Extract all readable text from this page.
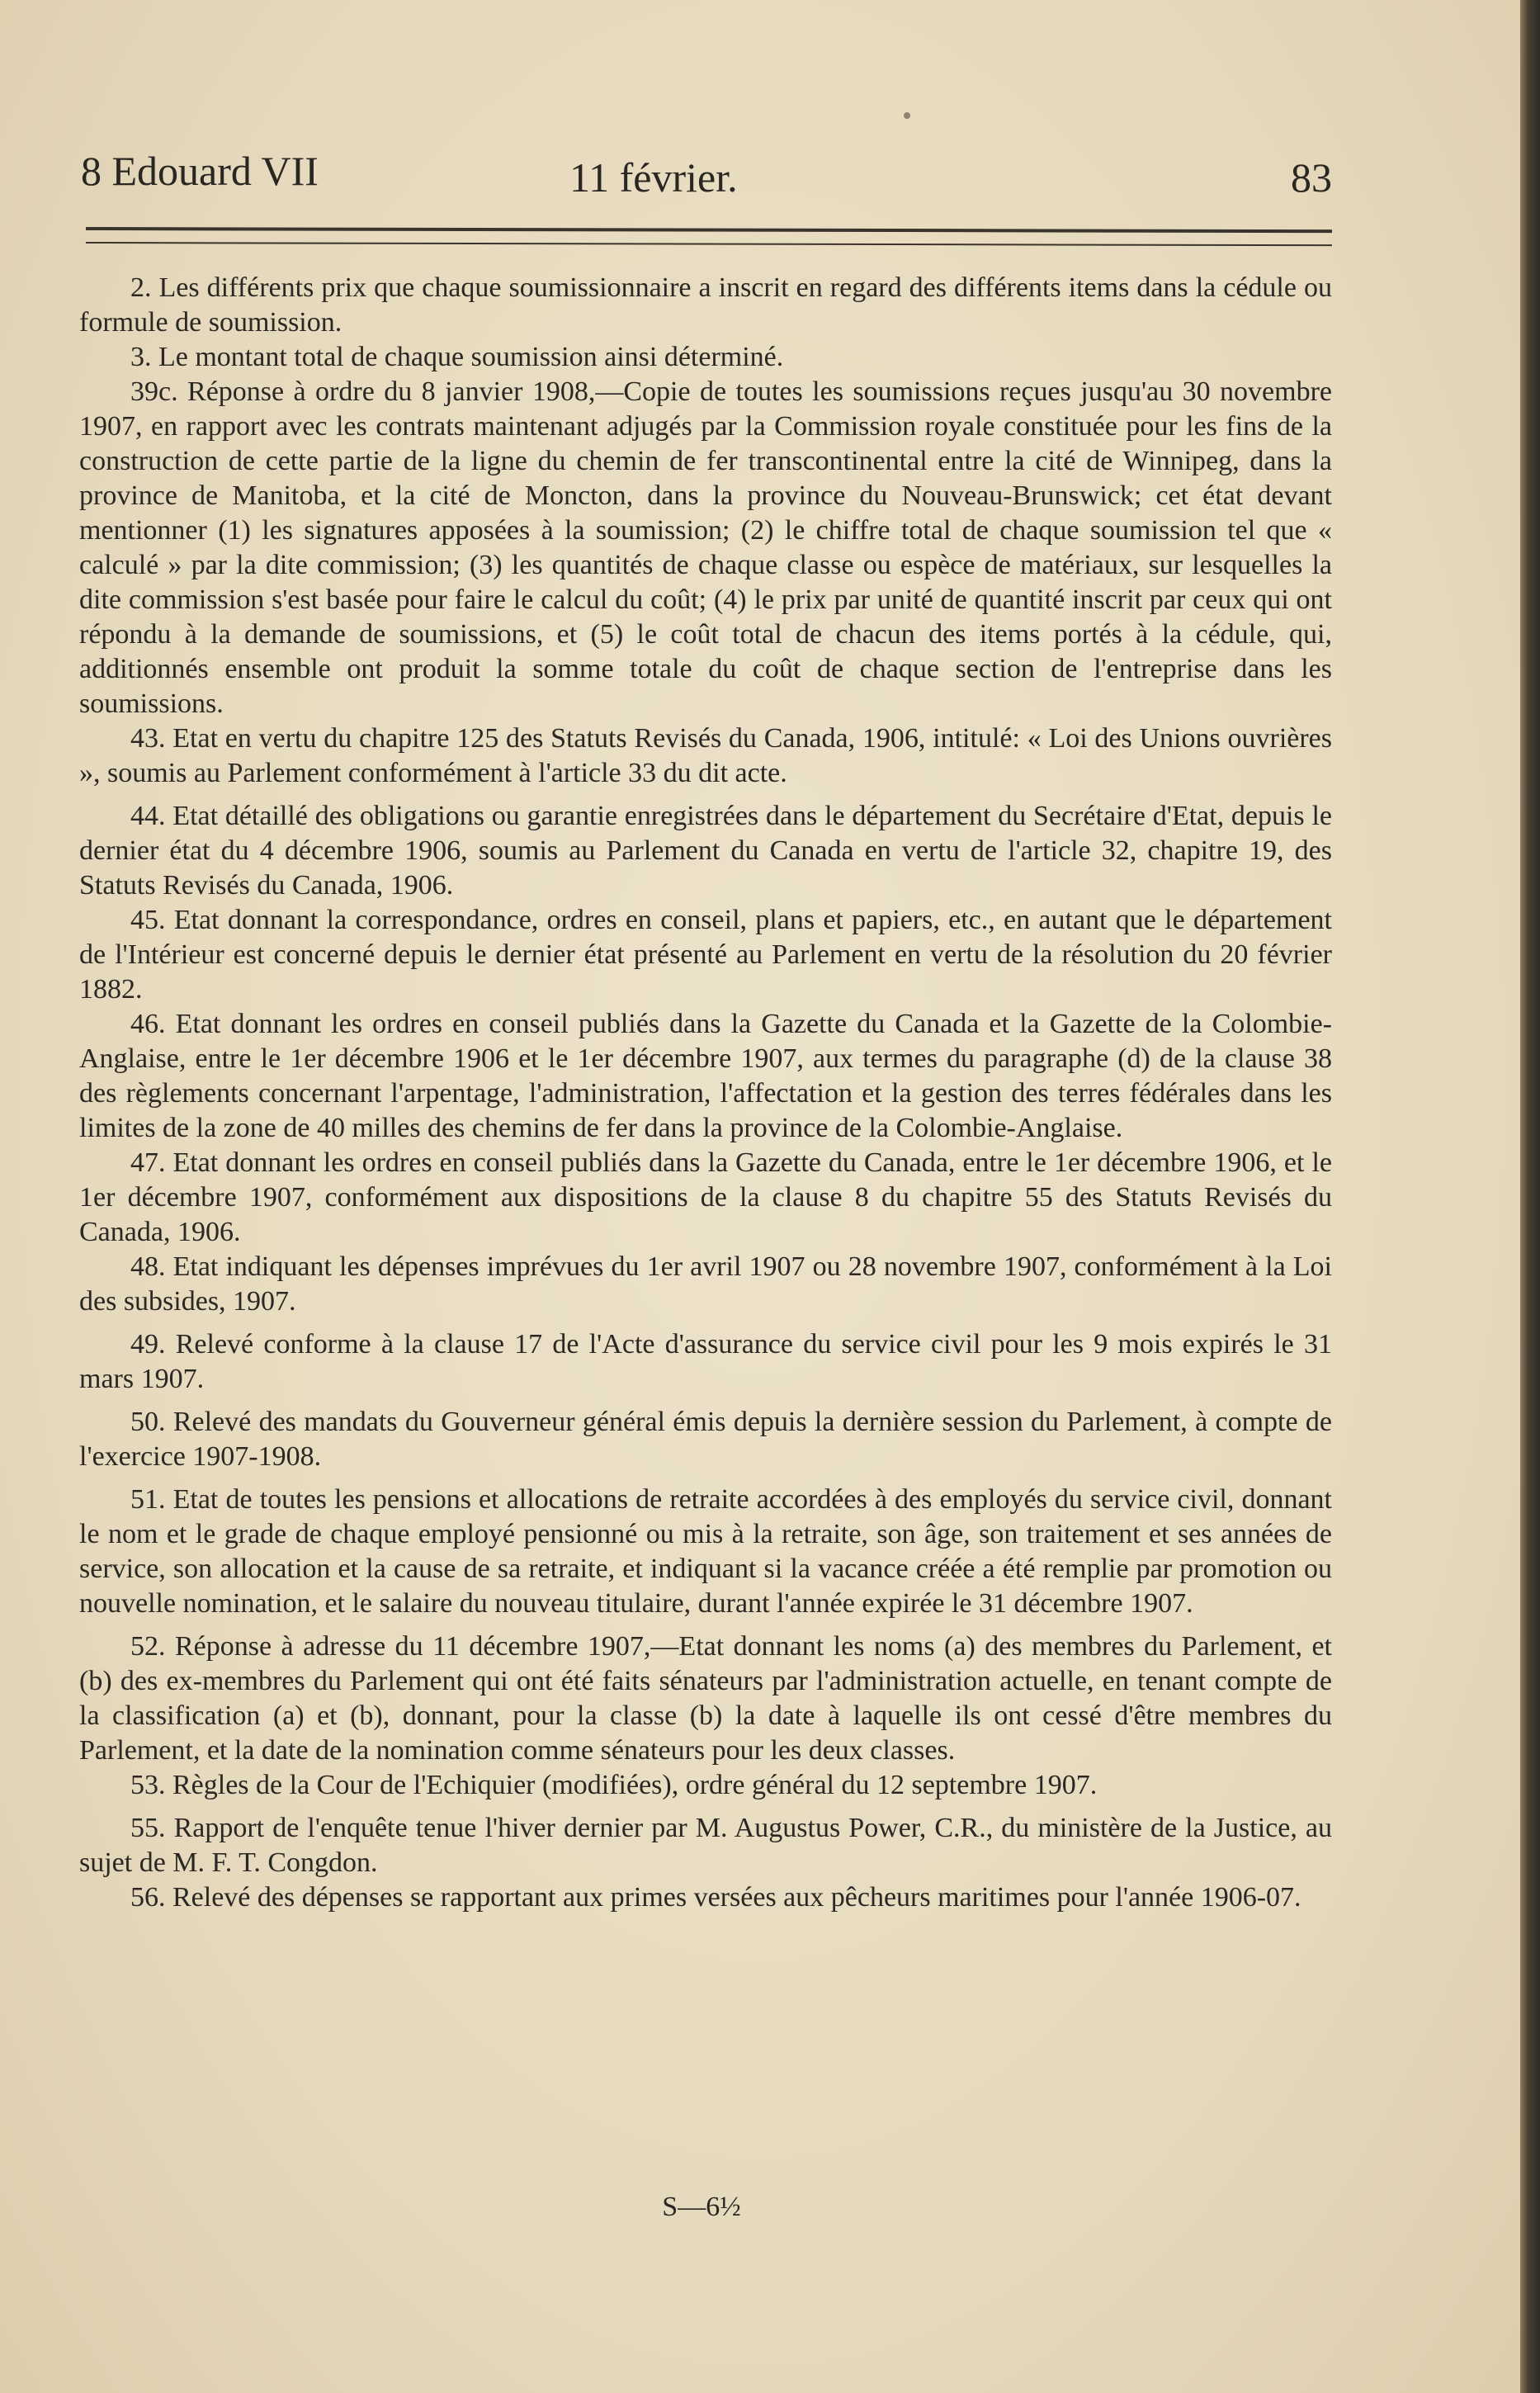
8 Edouard VII	11 février.	83

2. Les différents prix que chaque soumissionnaire a inscrit en regard des différents items dans la cédule ou formule de soumission.

3. Le montant total de chaque soumission ainsi déterminé.

39c. Réponse à ordre du 8 janvier 1908,—Copie de toutes les soumissions reçues jusqu'au 30 novembre 1907, en rapport avec les contrats maintenant adjugés par la Commission royale constituée pour les fins de la construction de cette partie de la ligne du chemin de fer transcontinental entre la cité de Winnipeg, dans la province de Manitoba, et la cité de Moncton, dans la province du Nouveau-Brunswick; cet état devant mentionner (1) les signatures apposées à la soumission; (2) le chiffre total de chaque soumission tel que « calculé » par la dite commission; (3) les quantités de chaque classe ou espèce de matériaux, sur lesquelles la dite commission s'est basée pour faire le calcul du coût; (4) le prix par unité de quantité inscrit par ceux qui ont répondu à la demande de soumissions, et (5) le coût total de chacun des items portés à la cédule, qui, additionnés ensemble ont produit la somme totale du coût de chaque section de l'entreprise dans les soumissions.

43. Etat en vertu du chapitre 125 des Statuts Revisés du Canada, 1906, intitulé: « Loi des Unions ouvrières », soumis au Parlement conformément à l'article 33 du dit acte.

44. Etat détaillé des obligations ou garantie enregistrées dans le département du Secrétaire d'Etat, depuis le dernier état du 4 décembre 1906, soumis au Parlement du Canada en vertu de l'article 32, chapitre 19, des Statuts Revisés du Canada, 1906.

45. Etat donnant la correspondance, ordres en conseil, plans et papiers, etc., en autant que le département de l'Intérieur est concerné depuis le dernier état présenté au Parlement en vertu de la résolution du 20 février 1882.

46. Etat donnant les ordres en conseil publiés dans la Gazette du Canada et la Gazette de la Colombie-Anglaise, entre le 1er décembre 1906 et le 1er décembre 1907, aux termes du paragraphe (d) de la clause 38 des règlements concernant l'arpentage, l'administration, l'affectation et la gestion des terres fédérales dans les limites de la zone de 40 milles des chemins de fer dans la province de la Colombie-Anglaise.

47. Etat donnant les ordres en conseil publiés dans la Gazette du Canada, entre le 1er décembre 1906, et le 1er décembre 1907, conformément aux dispositions de la clause 8 du chapitre 55 des Statuts Revisés du Canada, 1906.

48. Etat indiquant les dépenses imprévues du 1er avril 1907 ou 28 novembre 1907, conformément à la Loi des subsides, 1907.

49. Relevé conforme à la clause 17 de l'Acte d'assurance du service civil pour les 9 mois expirés le 31 mars 1907.

50. Relevé des mandats du Gouverneur général émis depuis la dernière session du Parlement, à compte de l'exercice 1907-1908.

51. Etat de toutes les pensions et allocations de retraite accordées à des employés du service civil, donnant le nom et le grade de chaque employé pensionné ou mis à la retraite, son âge, son traitement et ses années de service, son allocation et la cause de sa retraite, et indiquant si la vacance créée a été remplie par promotion ou nouvelle nomination, et le salaire du nouveau titulaire, durant l'année expirée le 31 décembre 1907.

52. Réponse à adresse du 11 décembre 1907,—Etat donnant les noms (a) des membres du Parlement, et (b) des ex-membres du Parlement qui ont été faits sénateurs par l'administration actuelle, en tenant compte de la classification (a) et (b), donnant, pour la classe (b) la date à laquelle ils ont cessé d'être membres du Parlement, et la date de la nomination comme sénateurs pour les deux classes.

53. Règles de la Cour de l'Echiquier (modifiées), ordre général du 12 septembre 1907.

55. Rapport de l'enquête tenue l'hiver dernier par M. Augustus Power, C.R., du ministère de la Justice, au sujet de M. F. T. Congdon.

56. Relevé des dépenses se rapportant aux primes versées aux pêcheurs maritimes pour l'année 1906-07.

S—6½
